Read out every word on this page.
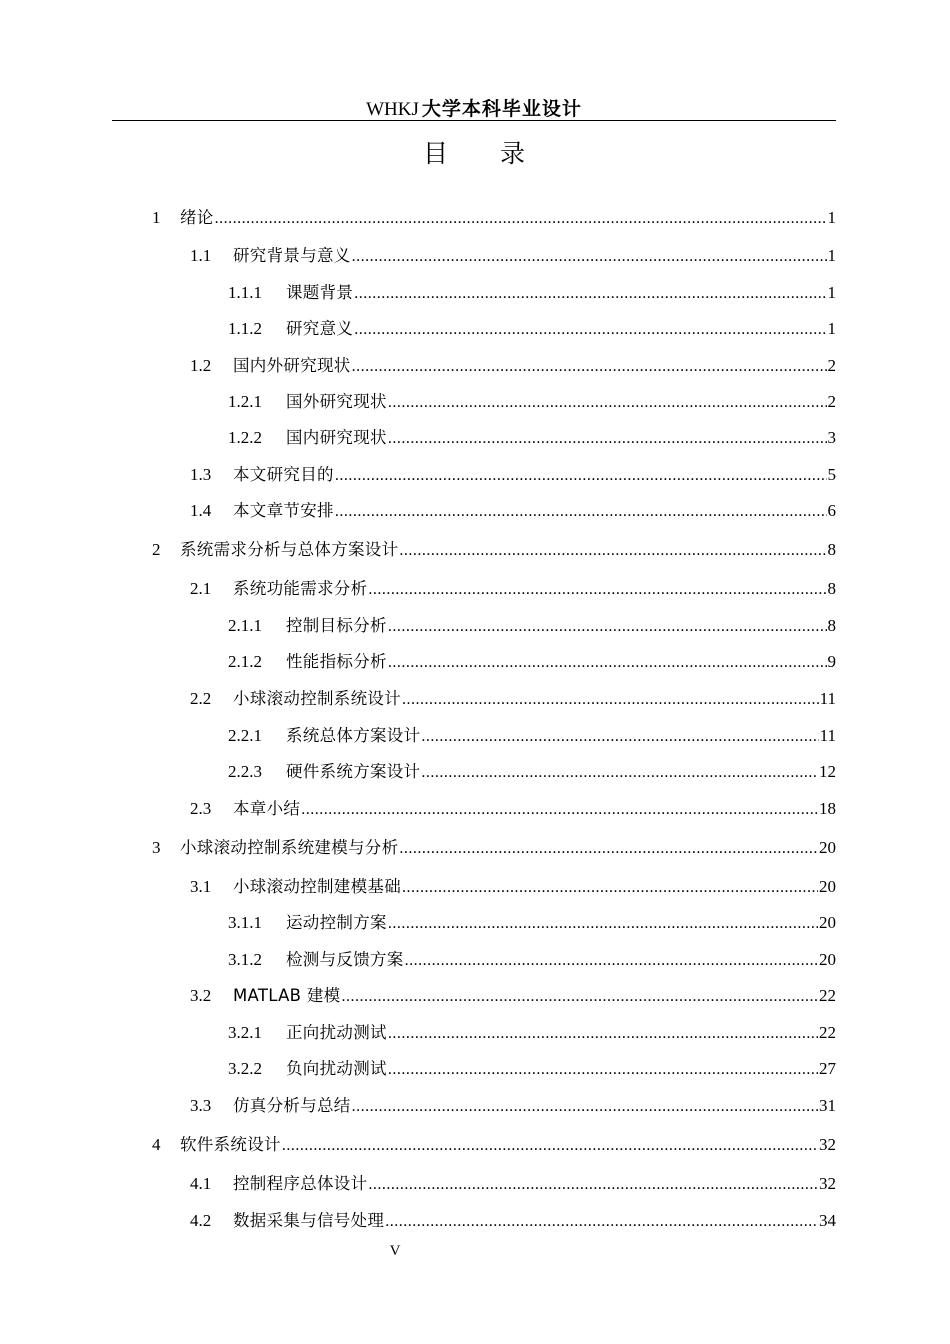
WHKJ 大学本科毕业设计
目 录
1	绪论 .....	1
1.1	研究背景与意义 .....	1
1.1.1	课题背景 .....	1
1.1.2	研究意义 .....	1
1.2	国内外研究现状 .....	2
1.2.1	国外研究现状 .....	2
1.2.2	国内研究现状 .....	3
1.3	本文研究目的 .....	5
1.4	本文章节安排 .....	6
2	系统需求分析与总体方案设计 .....	8
2.1	系统功能需求分析 .....	8
2.1.1	控制目标分析 .....	8
2.1.2	性能指标分析 .....	9
2.2	小球滚动控制系统设计 .....	11
2.2.1	系统总体方案设计 .....	11
2.2.3	硬件系统方案设计 .....	12
2.3	本章小结 .....	18
3	小球滚动控制系统建模与分析 .....	20
3.1	小球滚动控制建模基础 .....	20
3.1.1	运动控制方案 .....	20
3.1.2	检测与反馈方案 .....	20
3.2	MATLAB 建模 .....	22
3.2.1	正向扰动测试 .....	22
3.2.2	负向扰动测试 .....	27
3.3	仿真分析与总结 .....	31
4	软件系统设计 .....	32
4.1	控制程序总体设计 .....	32
4.2	数据采集与信号处理 .....	34
V
